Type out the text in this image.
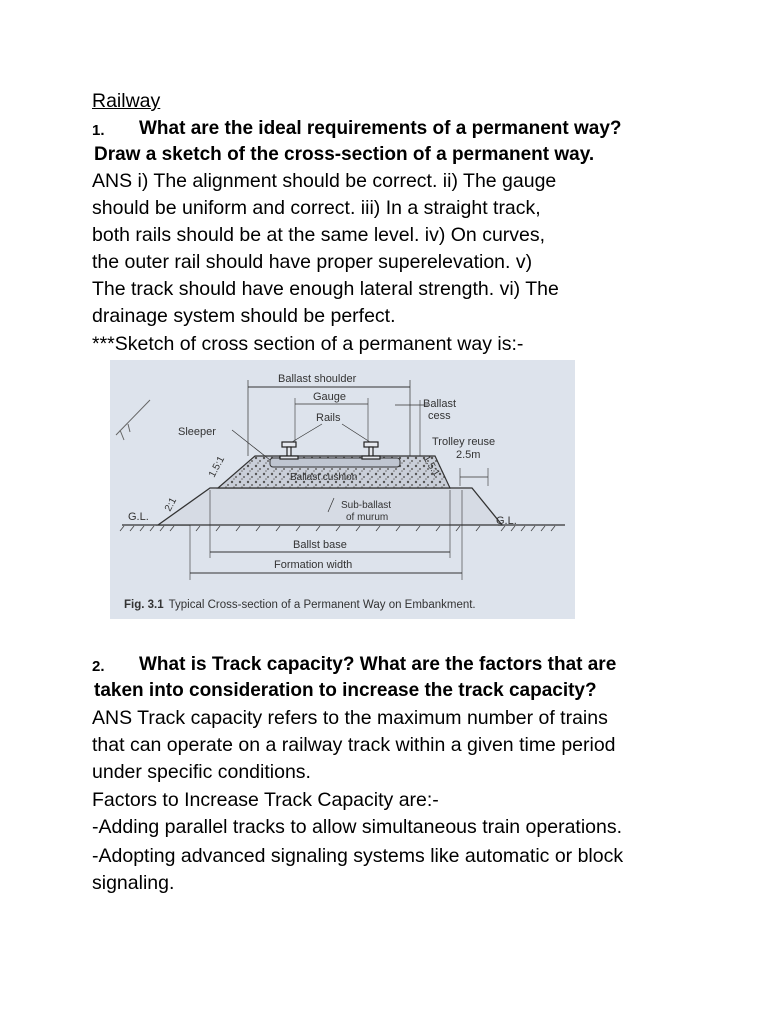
Railway
1. What are the ideal requirements of a permanent way?
Draw a sketch of the cross-section of a permanent way.
ANS i) The alignment should be correct. ii) The gauge
should be uniform and correct. iii) In a straight track,
both rails should be at the same level. iv) On curves,
the outer rail should have proper superelevation. v)
The track should have enough lateral strength. vi) The
drainage system should be perfect.
***Sketch of cross section of a permanent way is:-
Ballast shoulder
Gauge
Rails
Ballast
cess
Sleeper
Trolley reuse
2.5m
1.5:1	1.5:1
Ballast cushion
2:1
G.L.	G.L.
Sub-ballast
of murum
Ballst base
Formation width
Fig. 3.1 Typical Cross-section of a Permanent Way on Embankment.
2. What is Track capacity? What are the factors that are
taken into consideration to increase the track capacity?
ANS Track capacity refers to the maximum number of trains
that can operate on a railway track within a given time period
under specific conditions.
Factors to Increase Track Capacity are:-
-Adding parallel tracks to allow simultaneous train operations.
-Adopting advanced signaling systems like automatic or block
signaling.
